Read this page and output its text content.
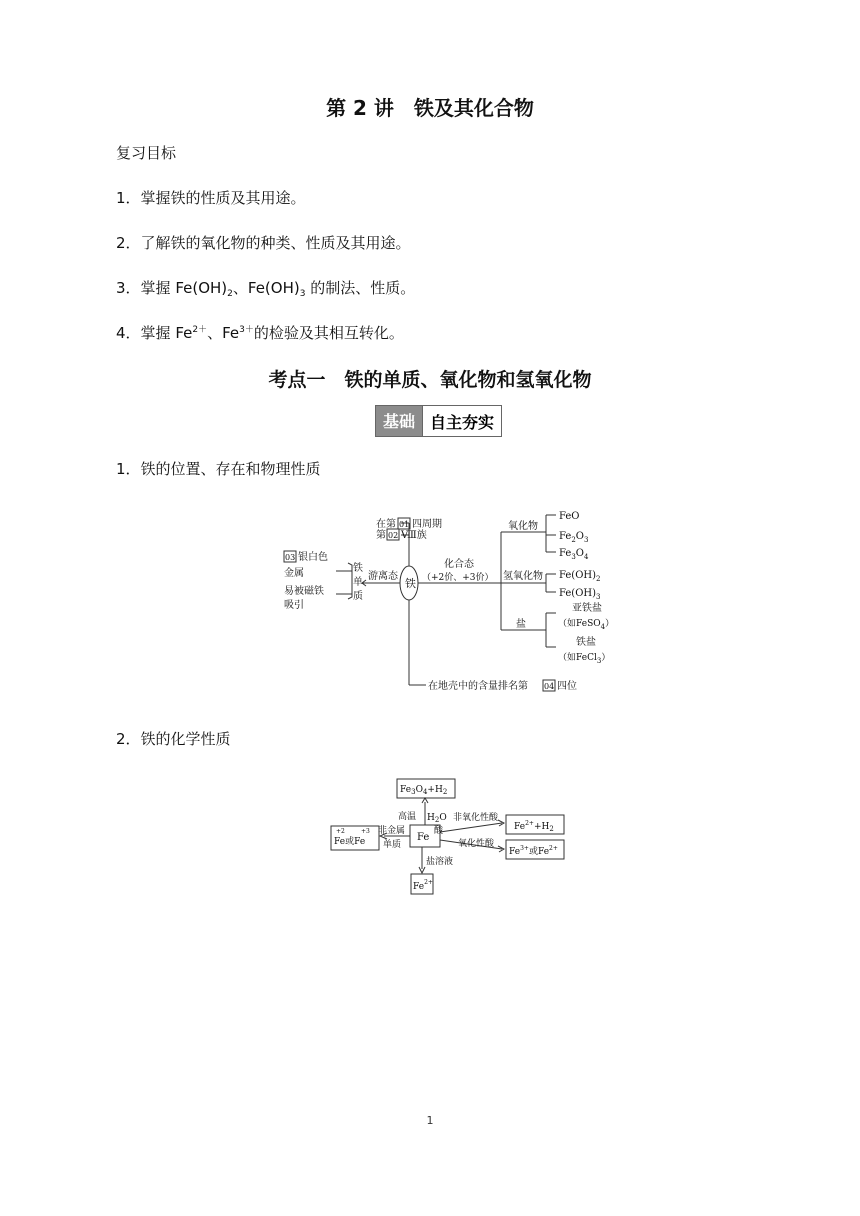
第 2 讲　铁及其化合物
复习目标
1．掌握铁的性质及其用途。
2．了解铁的氧化物的种类、性质及其用途。
3．掌握 $Fe(OH)_2$、$Fe(OH)_3$ 的制法、性质。
4．掌握 $Fe^{2+}$、$Fe^{3+}$的检验及其相互转化。
考点一　铁的单质、氧化物和氢氧化物
基础 自主夯实
1．铁的位置、存在和物理性质
铁
在第 01 四周期
第 02 Ⅷ族
03 银白色
金属
易被磁铁
吸引
铁
单
质
游离态
化合态
（+2价、+3价）
氧化物
FeO
$Fe_2O_3$
$Fe_3O_4$
氢氧化物 $Fe(OH)_2$
$Fe(OH)_3$
盐
亚铁盐
（如FeSO$_4$）
铁盐
（如FeCl$_3$）
在地壳中的含量排名第 04 四位
2．铁的化学性质
Fe
$Fe_3O_4+H_2$
高温 $H_2O$
酸
非氧化性酸
氧化性酸
$Fe^{2+}+H_2$
$Fe^{3+}$或$Fe^{2+}$
非金属
单质
+2	+3
Fe或Fe
盐溶液
$Fe^{2+}$
1
